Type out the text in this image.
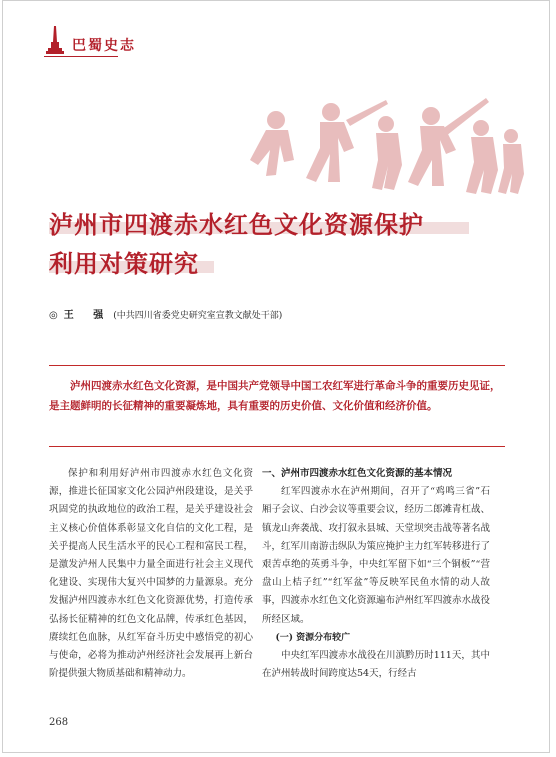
巴蜀史志
泸州市四渡赤水红色文化资源保护
利用对策研究
◎ 王 强 (中共四川省委党史研究室宣教文献处干部)
泸州四渡赤水红色文化资源，是中国共产党领导中国工农红军进行革命斗争的重要历史见证，是主题鲜明的长征精神的重要凝炼地，具有重要的历史价值、文化价值和经济价值。
保护和利用好泸州市四渡赤水红色文化资源，推进长征国家文化公园泸州段建设，是关乎巩固党的执政地位的政治工程，是关乎建设社会主义核心价值体系彰显文化自信的文化工程，是关乎提高人民生活水平的民心工程和富民工程，是激发泸州人民集中力量全面进行社会主义现代化建设、实现伟大复兴中国梦的力量源泉。充分发掘泸州四渡赤水红色文化资源优势，打造传承弘扬长征精神的红色文化品牌，传承红色基因，赓续红色血脉，从红军奋斗历史中感悟党的初心与使命，必将为推动泸州经济社会发展再上新台阶提供强大物质基础和精神动力。
一、泸州市四渡赤水红色文化资源的基本情况
红军四渡赤水在泸州期间，召开了“鸡鸣三省”石厢子会议、白沙会议等重要会议，经历二郎滩青杠战、镇龙山奔袭战、攻打叙永县城、天堂坝突击战等著名战斗，红军川南游击纵队为策应掩护主力红军转移进行了艰苦卓绝的英勇斗争，中央红军留下如“三个铜板”“营盘山上桔子红”“红军盆”等反映军民鱼水情的动人故事，四渡赤水红色文化资源遍布泸州红军四渡赤水战役所经区域。
(一) 资源分布较广
中央红军四渡赤水战役在川滇黔历时111天，其中在泸州转战时间跨度达54天，行经古
268
